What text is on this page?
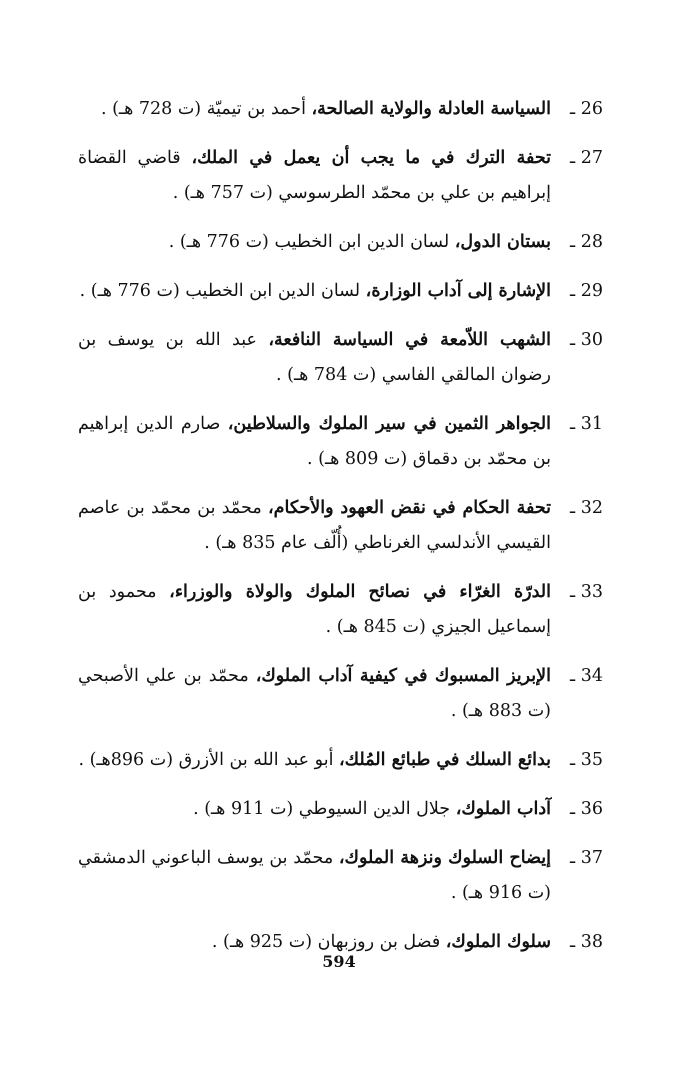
26 ـ
السياسة العادلة والولاية الصالحة، أحمد بن تيميّة (ت 728 هـ) .
27 ـ
تحفة الترك في ما يجب أن يعمل في الملك، قاضي القضاة إبراهيم بن علي بن محمّد الطرسوسي (ت 757 هـ) .
28 ـ
بستان الدول، لسان الدين ابن الخطيب (ت 776 هـ) .
29 ـ
الإشارة إلى آداب الوزارة، لسان الدين ابن الخطيب (ت 776 هـ) .
30 ـ
الشهب اللاّمعة في السياسة النافعة، عبد الله بن يوسف بن رضوان المالقي الفاسي (ت 784 هـ) .
31 ـ
الجواهر الثمين في سير الملوك والسلاطين، صارم الدين إبراهيم بن محمّد بن دقماق (ت 809 هـ) .
32 ـ
تحفة الحكام في نقض العهود والأحكام، محمّد بن محمّد بن عاصم القيسي الأندلسي الغرناطي (أُلّف عام 835 هـ) .
33 ـ
الدرّة الغرّاء في نصائح الملوك والولاة والوزراء، محمود بن إسماعيل الجيزي (ت 845 هـ) .
34 ـ
الإبريز المسبوك في كيفية آداب الملوك، محمّد بن علي الأصبحي (ت 883 هـ) .
35 ـ
بدائع السلك في طبائع المُلك، أبو عبد الله بن الأزرق (ت 896هـ) .
36 ـ
آداب الملوك، جلال الدين السيوطي (ت 911 هـ) .
37 ـ
إيضاح السلوك ونزهة الملوك، محمّد بن يوسف الباعوني الدمشقي (ت 916 هـ) .
38 ـ
سلوك الملوك، فضل بن روزبهان (ت 925 هـ) .
594
